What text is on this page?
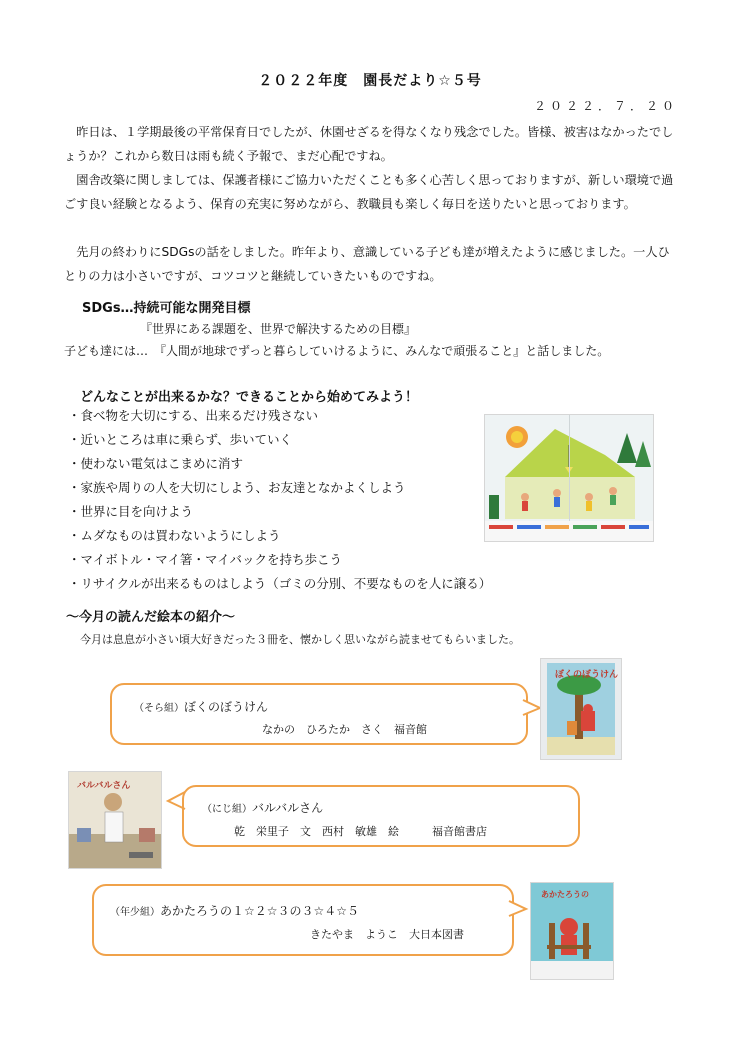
２０２２年度　園長だより☆５号
２０２２．７．２０
昨日は、１学期最後の平常保育日でしたが、休園せざるを得なくなり残念でした。皆様、被害はなかったでしょうか？これから数日は雨も続く予報で、まだ心配ですね。
園舎改築に関しましては、保護者様にご協力いただくことも多く心苦しく思っておりますが、新しい環境で過ごす良い経験となるよう、保育の充実に努めながら、教職員も楽しく毎日を送りたいと思っております。
先月の終わりにSDGsの話をしました。昨年より、意識している子ども達が増えたように感じました。一人ひとりの力は小さいですが、コツコツと継続していきたいものですね。
SDGs…持続可能な開発目標
『世界にある課題を、世界で解決するための目標』
子ども達には…　『人間が地球でずっと暮らしていけるように、みんなで頑張ること』と話しました。
どんなことが出来るかな？できることから始めてみよう！
・食べ物を大切にする、出来るだけ残さない
・近いところは車に乗らず、歩いていく
・使わない電気はこまめに消す
・家族や周りの人を大切にしよう、お友達となかよくしよう
・世界に目を向けよう
・ムダなものは買わないようにしよう
・マイボトル・マイ箸・マイバックを持ち歩こう
・リサイクルが出来るものはしよう（ゴミの分別、不要なものを人に譲る）
～今月の読んだ絵本の紹介～
今月は息息が小さい頃大好きだった３冊を、懐かしく思いながら読ませてもらいました。
（そら組）ぼくのぼうけん
なかの　ひろたか　さく　福音館
ぼくのぼうけん
バルバルさん
（にじ組）バルバルさん
乾　栄里子　文　西村　敏雄　絵　　　福音館書店
（年少組）あかたろうの１☆２☆３の３☆４☆５
きたやま　ようこ　大日本図書
あかたろうの
